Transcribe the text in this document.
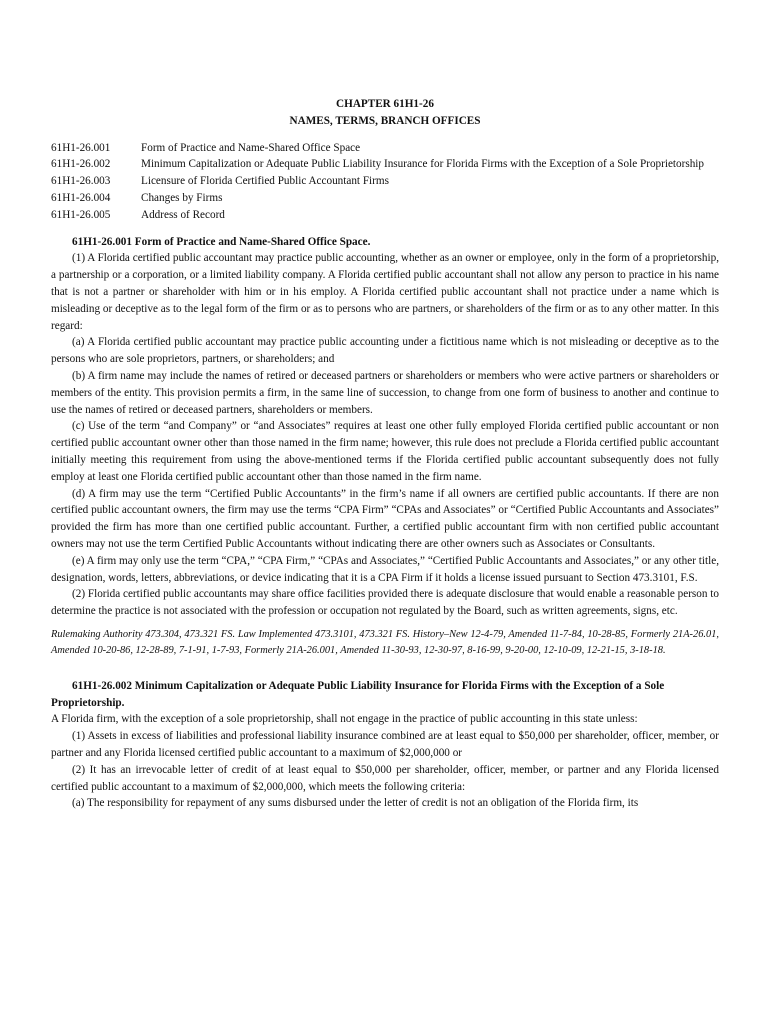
CHAPTER 61H1-26
NAMES, TERMS, BRANCH OFFICES
61H1-26.001	Form of Practice and Name-Shared Office Space
61H1-26.002	Minimum Capitalization or Adequate Public Liability Insurance for Florida Firms with the Exception of a Sole Proprietorship
61H1-26.003	Licensure of Florida Certified Public Accountant Firms
61H1-26.004	Changes by Firms
61H1-26.005	Address of Record
61H1-26.001 Form of Practice and Name-Shared Office Space.

(1) A Florida certified public accountant may practice public accounting, whether as an owner or employee, only in the form of a proprietorship, a partnership or a corporation, or a limited liability company. A Florida certified public accountant shall not allow any person to practice in his name that is not a partner or shareholder with him or in his employ. A Florida certified public accountant shall not practice under a name which is misleading or deceptive as to the legal form of the firm or as to persons who are partners, or shareholders of the firm or as to any other matter. In this regard:

(a) A Florida certified public accountant may practice public accounting under a fictitious name which is not misleading or deceptive as to the persons who are sole proprietors, partners, or shareholders; and

(b) A firm name may include the names of retired or deceased partners or shareholders or members who were active partners or shareholders or members of the entity. This provision permits a firm, in the same line of succession, to change from one form of business to another and continue to use the names of retired or deceased partners, shareholders or members.

(c) Use of the term “and Company” or “and Associates” requires at least one other fully employed Florida certified public accountant or non certified public accountant owner other than those named in the firm name; however, this rule does not preclude a Florida certified public accountant initially meeting this requirement from using the above-mentioned terms if the Florida certified public accountant subsequently does not fully employ at least one Florida certified public accountant other than those named in the firm name.

(d) A firm may use the term “Certified Public Accountants” in the firm’s name if all owners are certified public accountants. If there are non certified public accountant owners, the firm may use the terms “CPA Firm” “CPAs and Associates” or “Certified Public Accountants and Associates” provided the firm has more than one certified public accountant. Further, a certified public accountant firm with non certified public accountant owners may not use the term Certified Public Accountants without indicating there are other owners such as Associates or Consultants.

(e) A firm may only use the term “CPA,” “CPA Firm,” “CPAs and Associates,” “Certified Public Accountants and Associates,” or any other title, designation, words, letters, abbreviations, or device indicating that it is a CPA Firm if it holds a license issued pursuant to Section 473.3101, F.S.

(2) Florida certified public accountants may share office facilities provided there is adequate disclosure that would enable a reasonable person to determine the practice is not associated with the profession or occupation not regulated by the Board, such as written agreements, signs, etc.

Rulemaking Authority 473.304, 473.321 FS. Law Implemented 473.3101, 473.321 FS. History–New 12-4-79, Amended 11-7-84, 10-28-85, Formerly 21A-26.01, Amended 10-20-86, 12-28-89, 7-1-91, 1-7-93, Formerly 21A-26.001, Amended 11-30-93, 12-30-97, 8-16-99, 9-20-00, 12-10-09, 12-21-15, 3-18-18.

61H1-26.002 Minimum Capitalization or Adequate Public Liability Insurance for Florida Firms with the Exception of a Sole Proprietorship.

A Florida firm, with the exception of a sole proprietorship, shall not engage in the practice of public accounting in this state unless:

(1) Assets in excess of liabilities and professional liability insurance combined are at least equal to $50,000 per shareholder, officer, member, or partner and any Florida licensed certified public accountant to a maximum of $2,000,000 or

(2) It has an irrevocable letter of credit of at least equal to $50,000 per shareholder, officer, member, or partner and any Florida licensed certified public accountant to a maximum of $2,000,000, which meets the following criteria:

(a) The responsibility for repayment of any sums disbursed under the letter of credit is not an obligation of the Florida firm, its
